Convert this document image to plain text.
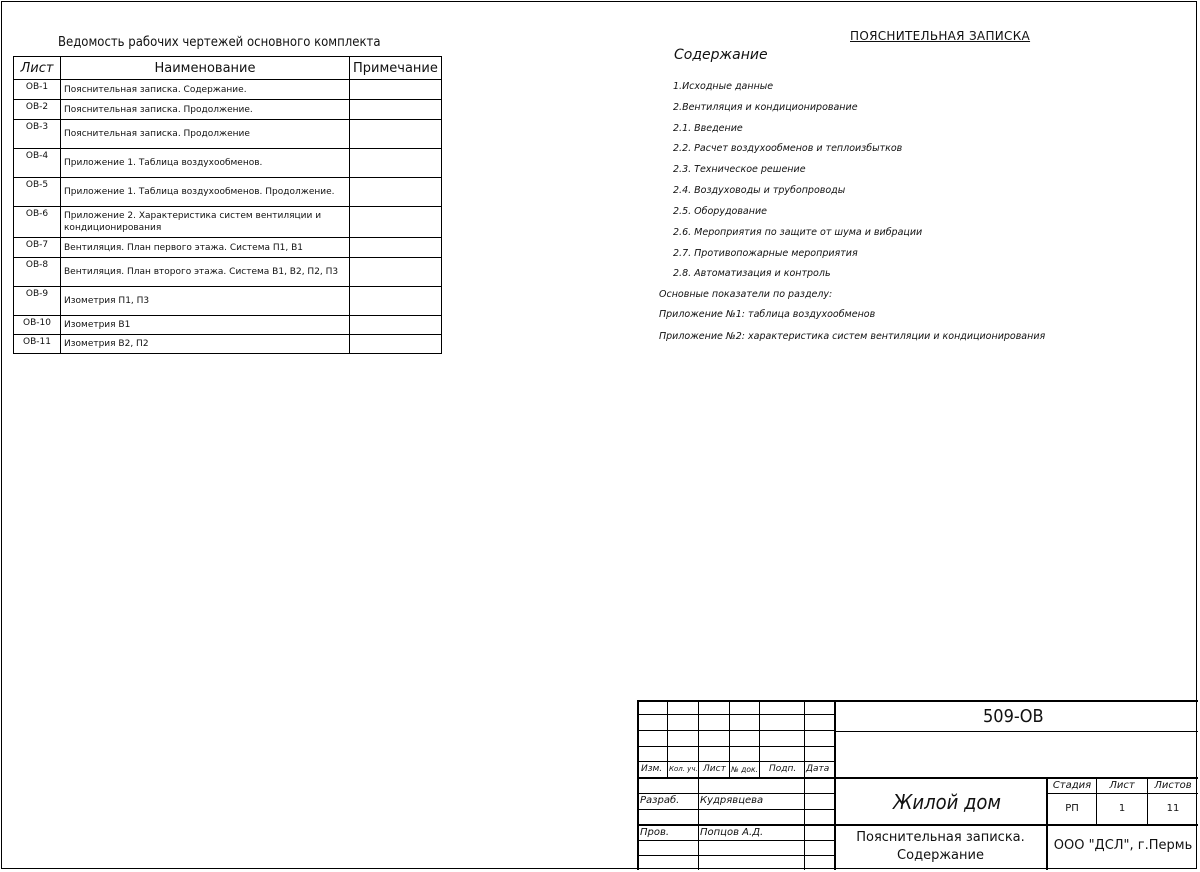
Ведомость рабочих чертежей основного комплекта
Лист	Наименование	Примечание
ОВ-1	Пояснительная записка. Содержание.	
ОВ-2	Пояснительная записка. Продолжение.	
ОВ-3	Пояснительная записка. Продолжение	
ОВ-4	Приложение 1. Таблица воздухообменов.	
ОВ-5	Приложение 1. Таблица воздухообменов. Продолжение.	
ОВ-6	Приложение 2. Характеристика систем вентиляции и кондиционирования	
ОВ-7	Вентиляция. План первого этажа. Система П1, В1	
ОВ-8	Вентиляция. План второго этажа. Система В1, В2, П2, П3	
ОВ-9	Изометрия П1, П3	
ОВ-10	Изометрия В1	
ОВ-11	Изометрия В2, П2	
ПОЯСНИТЕЛЬНАЯ ЗАПИСКА
Содержание
1.Исходные данные
2.Вентиляция и кондиционирование
2.1. Введение
2.2. Расчет воздухообменов и теплоизбытков
2.3. Техническое решение
2.4. Воздуховоды и трубопроводы
2.5. Оборудование
2.6. Мероприятия по защите от шума и вибрации
2.7. Противопожарные мероприятия
2.8. Автоматизация и контроль
Основные показатели по разделу:
Приложение №1: таблица воздухообменов
Приложение №2: характеристика систем вентиляции и кондиционирования
509-ОВ
Изм. Кол. уч. Лист № док. Подп. Дата
Разраб. Кудрявцева
Пров.	Попцов А.Д.
Жилой дом
Пояснительная записка.
Содержание
Стадия	Лист	Листов
РП	1	11
ООО "ДСЛ", г.Пермь
